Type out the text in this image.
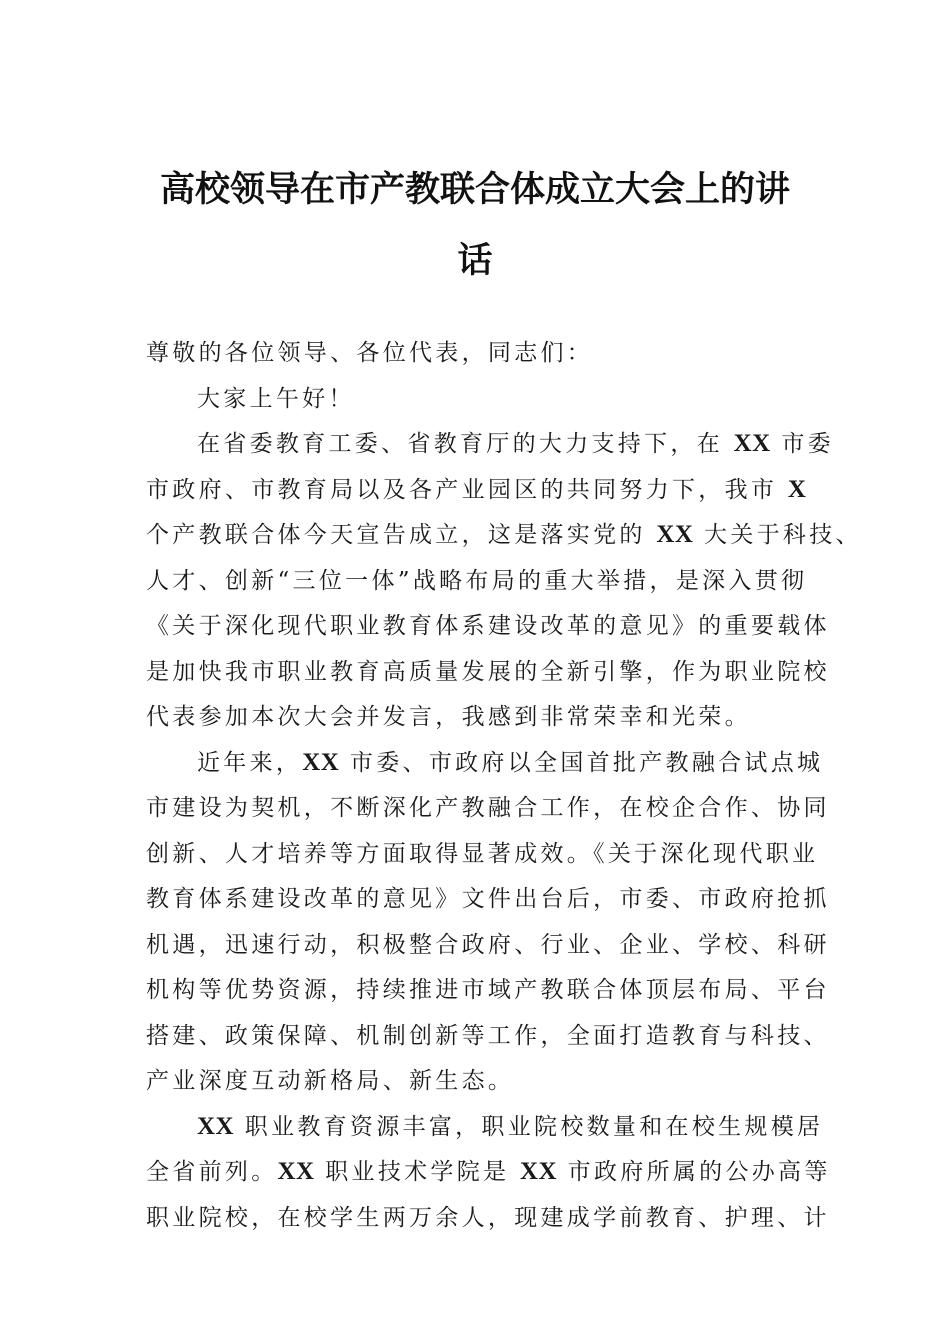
高校领导在市产教联合体成立大会上的讲
话
尊敬的各位领导、各位代表，同志们：
大家上午好！
在省委教育工委、省教育厅的大力支持下，在 XX 市委
市政府、市教育局以及各产业园区的共同努力下，我市 X
个产教联合体今天宣告成立，这是落实党的 XX 大关于科技、
人才、创新“三位一体”战略布局的重大举措，是深入贯彻
《关于深化现代职业教育体系建设改革的意见》的重要载体
是加快我市职业教育高质量发展的全新引擎，作为职业院校
代表参加本次大会并发言，我感到非常荣幸和光荣。
近年来，XX 市委、市政府以全国首批产教融合试点城
市建设为契机，不断深化产教融合工作，在校企合作、协同
创新、人才培养等方面取得显著成效。《关于深化现代职业
教育体系建设改革的意见》文件出台后，市委、市政府抢抓
机遇，迅速行动，积极整合政府、行业、企业、学校、科研
机构等优势资源，持续推进市域产教联合体顶层布局、平台
搭建、政策保障、机制创新等工作，全面打造教育与科技、
产业深度互动新格局、新生态。
XX 职业教育资源丰富，职业院校数量和在校生规模居
全省前列。XX 职业技术学院是 XX 市政府所属的公办高等
职业院校，在校学生两万余人，现建成学前教育、护理、计
